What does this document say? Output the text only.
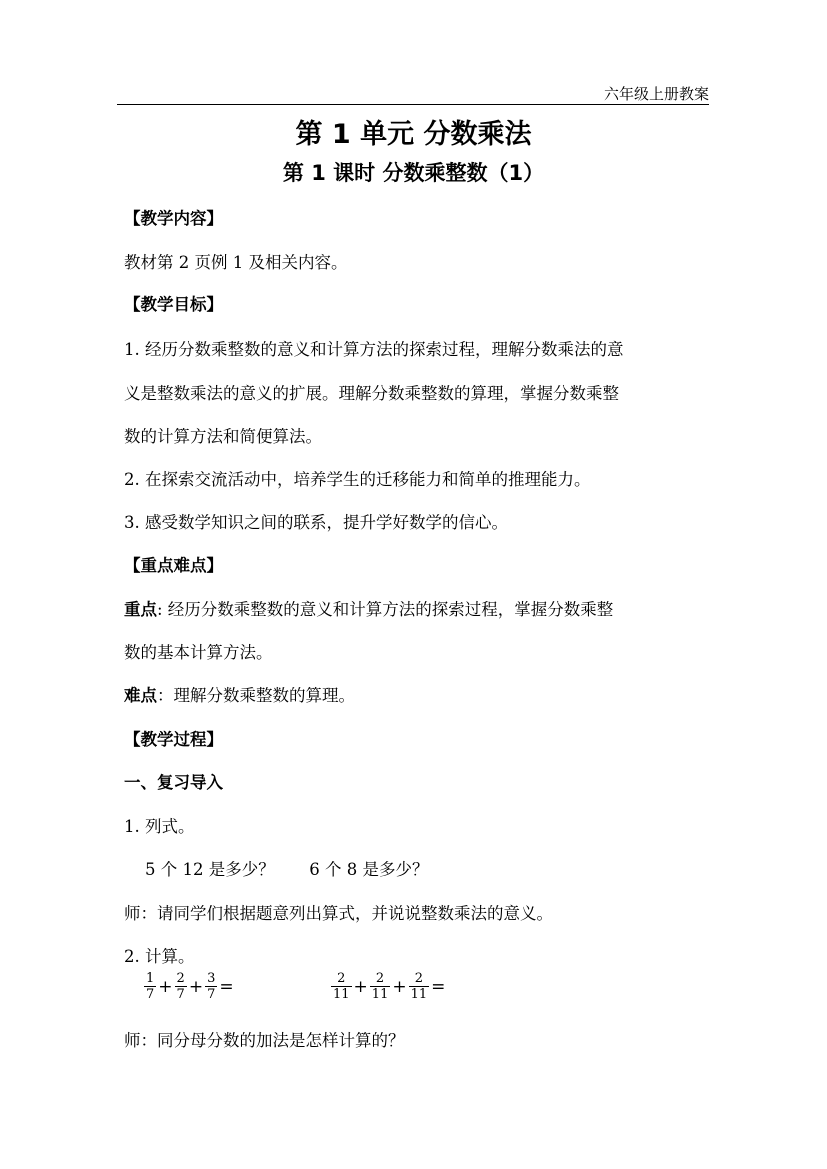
六年级上册教案
第 1 单元 分数乘法
第 1 课时 分数乘整数（1）
【教学内容】
教材第 2 页例 1 及相关内容。
【教学目标】
1. 经历分数乘整数的意义和计算方法的探索过程，理解分数乘法的意
义是整数乘法的意义的扩展。理解分数乘整数的算理，掌握分数乘整
数的计算方法和简便算法。
2. 在探索交流活动中，培养学生的迁移能力和简单的推理能力。
3. 感受数学知识之间的联系，提升学好数学的信心。
【重点难点】
重点: 经历分数乘整数的意义和计算方法的探索过程，掌握分数乘整
数的基本计算方法。
难点：理解分数乘整数的算理。
【教学过程】
一、复习导入
1. 列式。
5 个 12 是多少？ 6 个 8 是多少？
师：请同学们根据题意列出算式，并说说整数乘法的意义。
2. 计算。
$\frac{1}{7} + \frac{2}{7} + \frac{3}{7}$ =	$\frac{2}{11} + \frac{2}{11} + \frac{2}{11}$ =
师：同分母分数的加法是怎样计算的？
